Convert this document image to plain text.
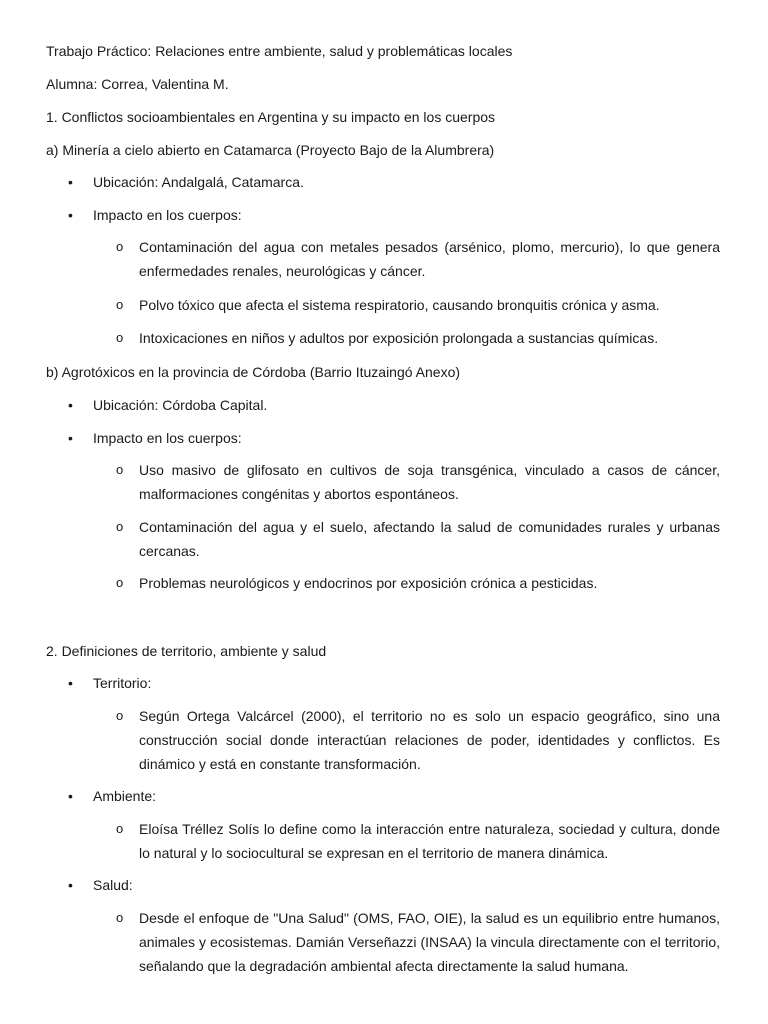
Trabajo Práctico: Relaciones entre ambiente, salud y problemáticas locales

Alumna: Correa, Valentina M.

1. Conflictos socioambientales en Argentina y su impacto en los cuerpos

a) Minería a cielo abierto en Catamarca (Proyecto Bajo de la Alumbrera)

• Ubicación: Andalgalá, Catamarca.
• Impacto en los cuerpos:
o Contaminación del agua con metales pesados (arsénico, plomo, mercurio), lo que genera enfermedades renales, neurológicas y cáncer.

o Polvo tóxico que afecta el sistema respiratorio, causando bronquitis crónica y asma.

o Intoxicaciones en niños y adultos por exposición prolongada a sustancias químicas.

b) Agrotóxicos en la provincia de Córdoba (Barrio Ituzaingó Anexo)

• Ubicación: Córdoba Capital.
• Impacto en los cuerpos:
o Uso masivo de glifosato en cultivos de soja transgénica, vinculado a casos de cáncer, malformaciones congénitas y abortos espontáneos.

o Contaminación del agua y el suelo, afectando la salud de comunidades rurales y urbanas cercanas.

o Problemas neurológicos y endocrinos por exposición crónica a pesticidas.

2. Definiciones de territorio, ambiente y salud

• Territorio:
o Según Ortega Valcárcel (2000), el territorio no es solo un espacio geográfico, sino una construcción social donde interactúan relaciones de poder, identidades y conflictos. Es dinámico y está en constante transformación.

• Ambiente:
o Eloísa Tréllez Solís lo define como la interacción entre naturaleza, sociedad y cultura, donde lo natural y lo sociocultural se expresan en el territorio de manera dinámica.

• Salud:
o Desde el enfoque de "Una Salud" (OMS, FAO, OIE), la salud es un equilibrio entre humanos, animales y ecosistemas. Damián Verseñazzi (INSAA) la vincula directamente con el territorio, señalando que la degradación ambiental afecta directamente la salud humana.
